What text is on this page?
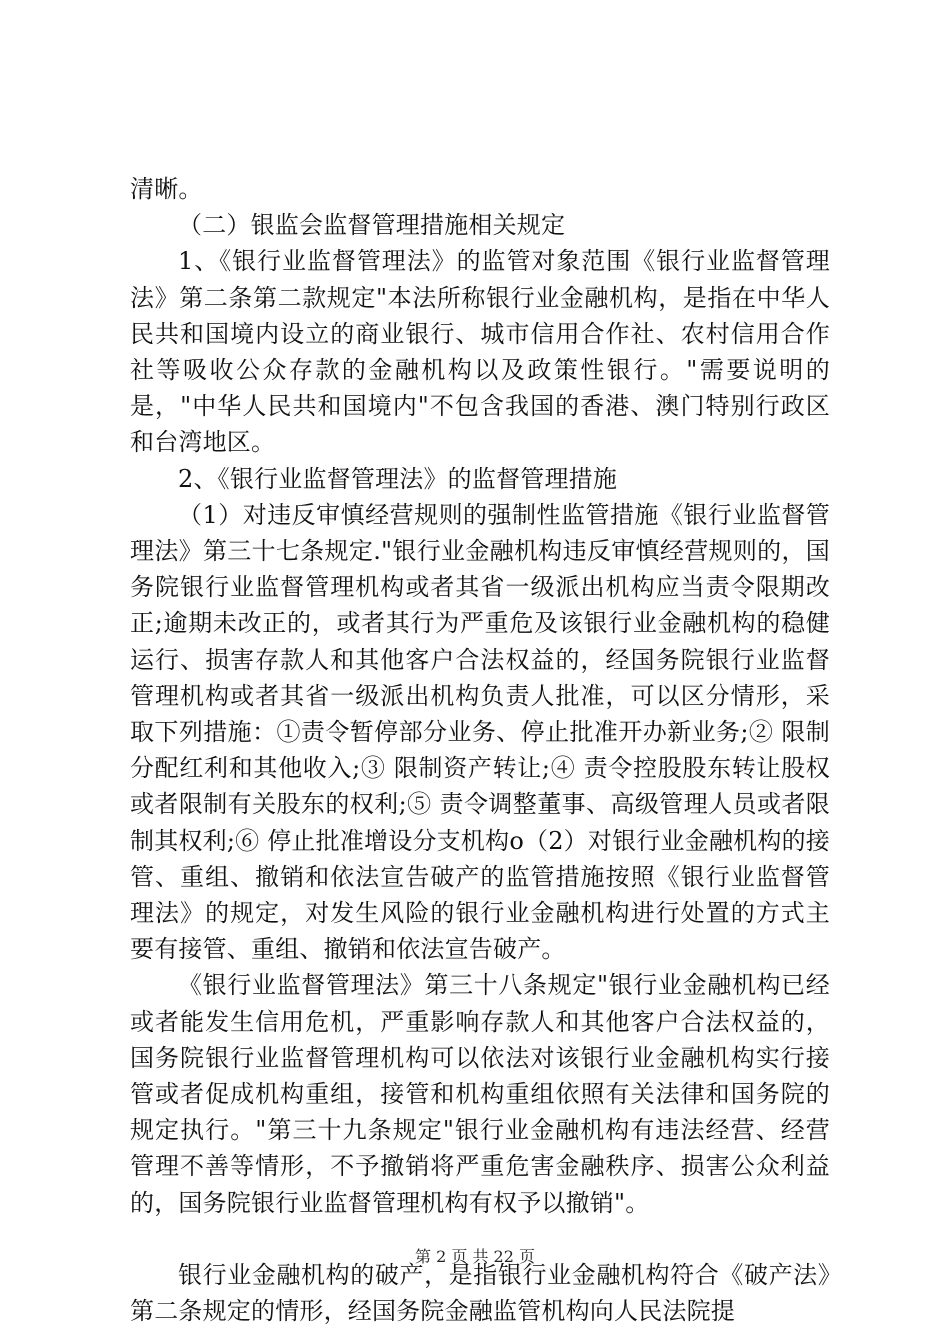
清晰。

（二）银监会监督管理措施相关规定

1、《银行业监督管理法》的监管对象范围《银行业监督管理法》第二条第二款规定"本法所称银行业金融机构，是指在中华人民共和国境内设立的商业银行、城市信用合作社、农村信用合作社等吸收公众存款的金融机构以及政策性银行。"需要说明的是，"中华人民共和国境内"不包含我国的香港、澳门特别行政区和台湾地区。

2、《银行业监督管理法》的监督管理措施

（1）对违反审慎经营规则的强制性监管措施《银行业监督管理法》第三十七条规定."银行业金融机构违反审慎经营规则的，国务院银行业监督管理机构或者其省一级派出机构应当责令限期改正;逾期未改正的，或者其行为严重危及该银行业金融机构的稳健运行、损害存款人和其他客户合法权益的，经国务院银行业监督管理机构或者其省一级派出机构负责人批准，可以区分情形，采取下列措施：①责令暂停部分业务、停止批准开办新业务;② 限制分配红利和其他收入;③ 限制资产转让;④ 责令控股股东转让股权或者限制有关股东的权利;⑤ 责令调整董事、高级管理人员或者限制其权利;⑥ 停止批准增设分支机构o（2）对银行业金融机构的接管、重组、撤销和依法宣告破产的监管措施按照《银行业监督管理法》的规定，对发生风险的银行业金融机构进行处置的方式主要有接管、重组、撤销和依法宣告破产。

《银行业监督管理法》第三十八条规定"银行业金融机构已经或者能发生信用危机，严重影响存款人和其他客户合法权益的，国务院银行业监督管理机构可以依法对该银行业金融机构实行接管或者促成机构重组，接管和机构重组依照有关法律和国务院的规定执行。"第三十九条规定"银行业金融机构有违法经营、经营管理不善等情形，不予撤销将严重危害金融秩序、损害公众利益的，国务院银行业监督管理机构有权予以撤销"。

银行业金融机构的破产，是指银行业金融机构符合《破产法》第二条规定的情形，经国务院金融监管机构向人民法院提

第 2 页 共 22 页
